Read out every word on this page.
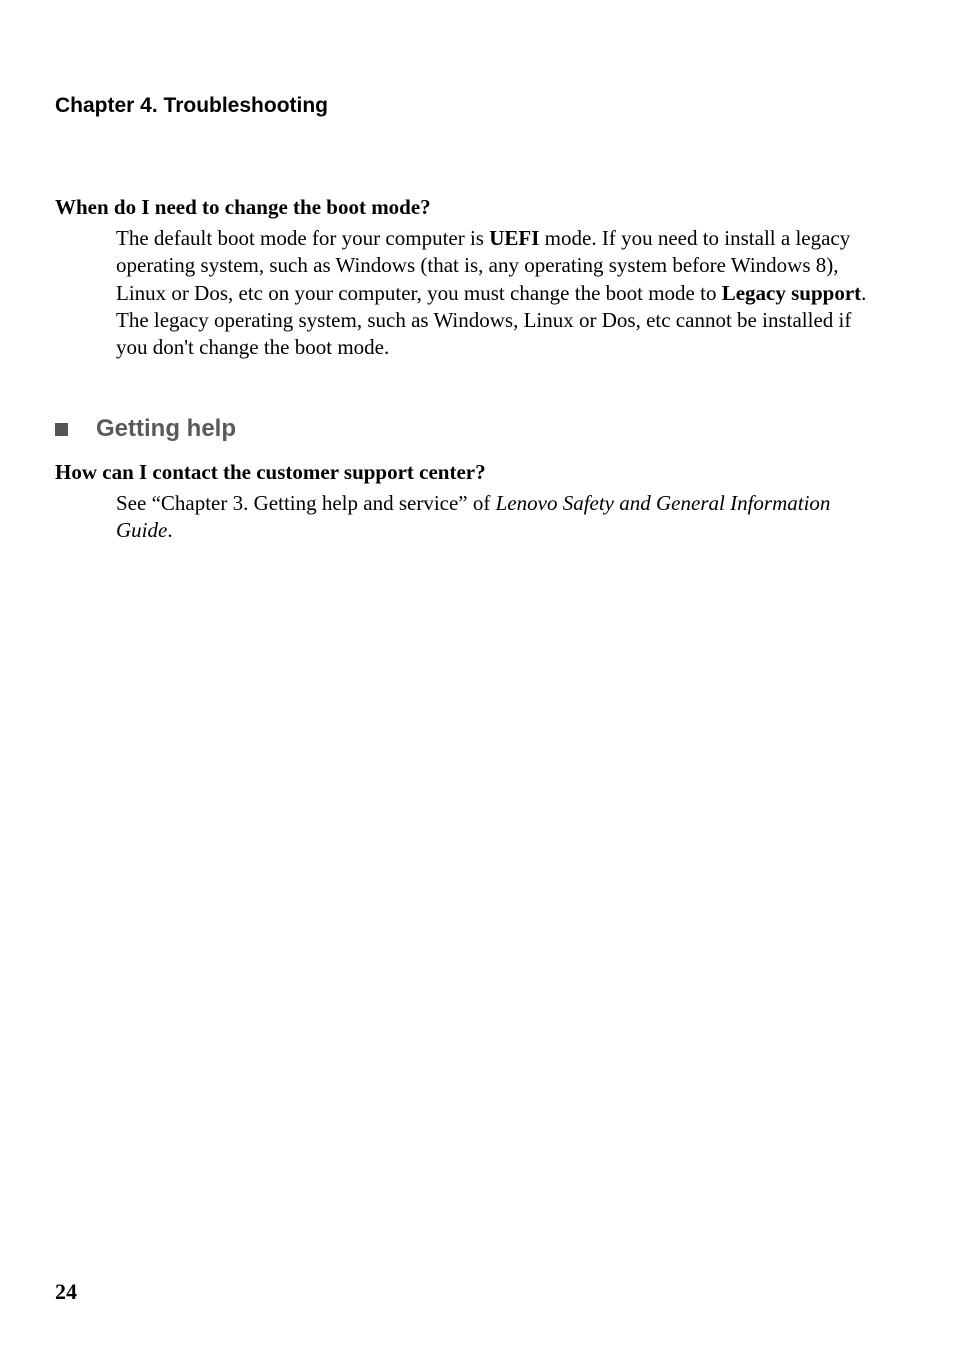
Chapter 4. Troubleshooting
When do I need to change the boot mode?
The default boot mode for your computer is UEFI mode. If you need to install a legacy operating system, such as Windows (that is, any operating system before Windows 8), Linux or Dos, etc on your computer, you must change the boot mode to Legacy support. The legacy operating system, such as Windows, Linux or Dos, etc cannot be installed if you don't change the boot mode.
Getting help
How can I contact the customer support center?
See “Chapter 3. Getting help and service” of Lenovo Safety and General Information Guide.
24
